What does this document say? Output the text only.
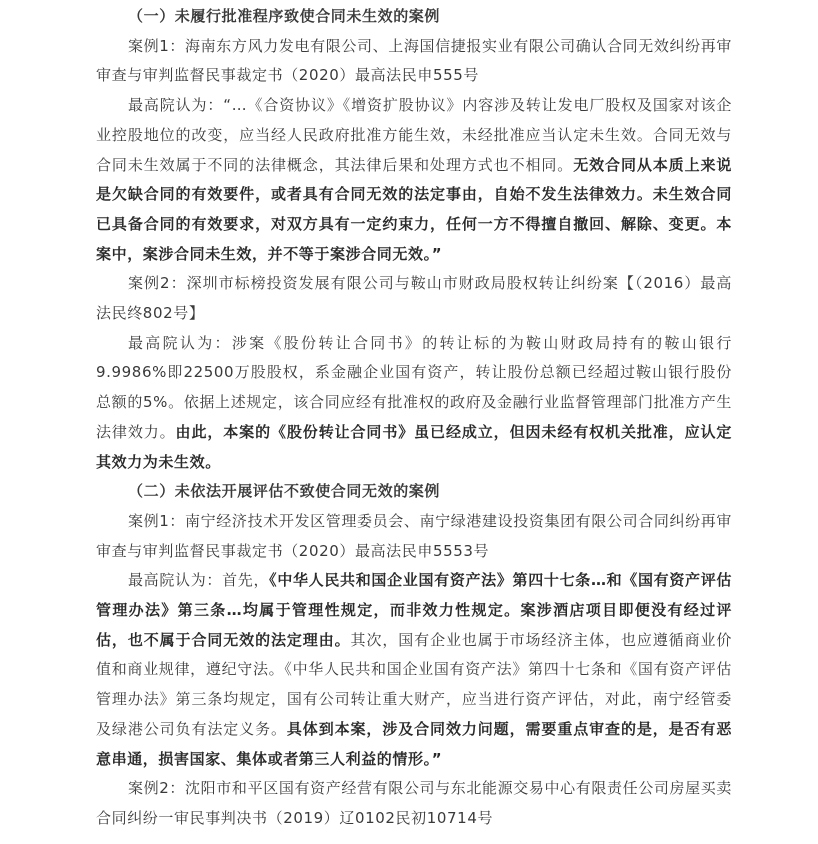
（一）未履行批准程序致使合同未生效的案例

案例1：海南东方风力发电有限公司、上海国信捷报实业有限公司确认合同无效纠纷再审审查与审判监督民事裁定书（2020）最高法民申555号

最高院认为：“…《合资协议》《增资扩股协议》内容涉及转让发电厂股权及国家对该企业控股地位的改变，应当经人民政府批准方能生效，未经批准应当认定未生效。合同无效与合同未生效属于不同的法律概念，其法律后果和处理方式也不相同。无效合同从本质上来说是欠缺合同的有效要件，或者具有合同无效的法定事由，自始不发生法律效力。未生效合同已具备合同的有效要求，对双方具有一定约束力，任何一方不得擅自撤回、解除、变更。本案中，案涉合同未生效，并不等于案涉合同无效。”

案例2：深圳市标榜投资发展有限公司与鞍山市财政局股权转让纠纷案【（2016）最高法民终802号】

最高院认为：涉案《股份转让合同书》的转让标的为鞍山财政局持有的鞍山银行9.9986%即22500万股股权，系金融企业国有资产，转让股份总额已经超过鞍山银行股份总额的5%。依据上述规定，该合同应经有批准权的政府及金融行业监督管理部门批准方产生法律效力。由此，本案的《股份转让合同书》虽已经成立，但因未经有权机关批准，应认定其效力为未生效。

（二）未依法开展评估不致使合同无效的案例

案例1：南宁经济技术开发区管理委员会、南宁绿港建设投资集团有限公司合同纠纷再审审查与审判监督民事裁定书（2020）最高法民申5553号

最高院认为：首先，《中华人民共和国企业国有资产法》第四十七条…和《国有资产评估管理办法》第三条…均属于管理性规定，而非效力性规定。案涉酒店项目即便没有经过评估，也不属于合同无效的法定理由。其次，国有企业也属于市场经济主体，也应遵循商业价值和商业规律，遵纪守法。《中华人民共和国企业国有资产法》第四十七条和《国有资产评估管理办法》第三条均规定，国有公司转让重大财产，应当进行资产评估，对此，南宁经管委及绿港公司负有法定义务。具体到本案，涉及合同效力问题，需要重点审查的是，是否有恶意串通，损害国家、集体或者第三人利益的情形。”

案例2：沈阳市和平区国有资产经营有限公司与东北能源交易中心有限责任公司房屋买卖合同纠纷一审民事判决书（2019）辽0102民初10714号
